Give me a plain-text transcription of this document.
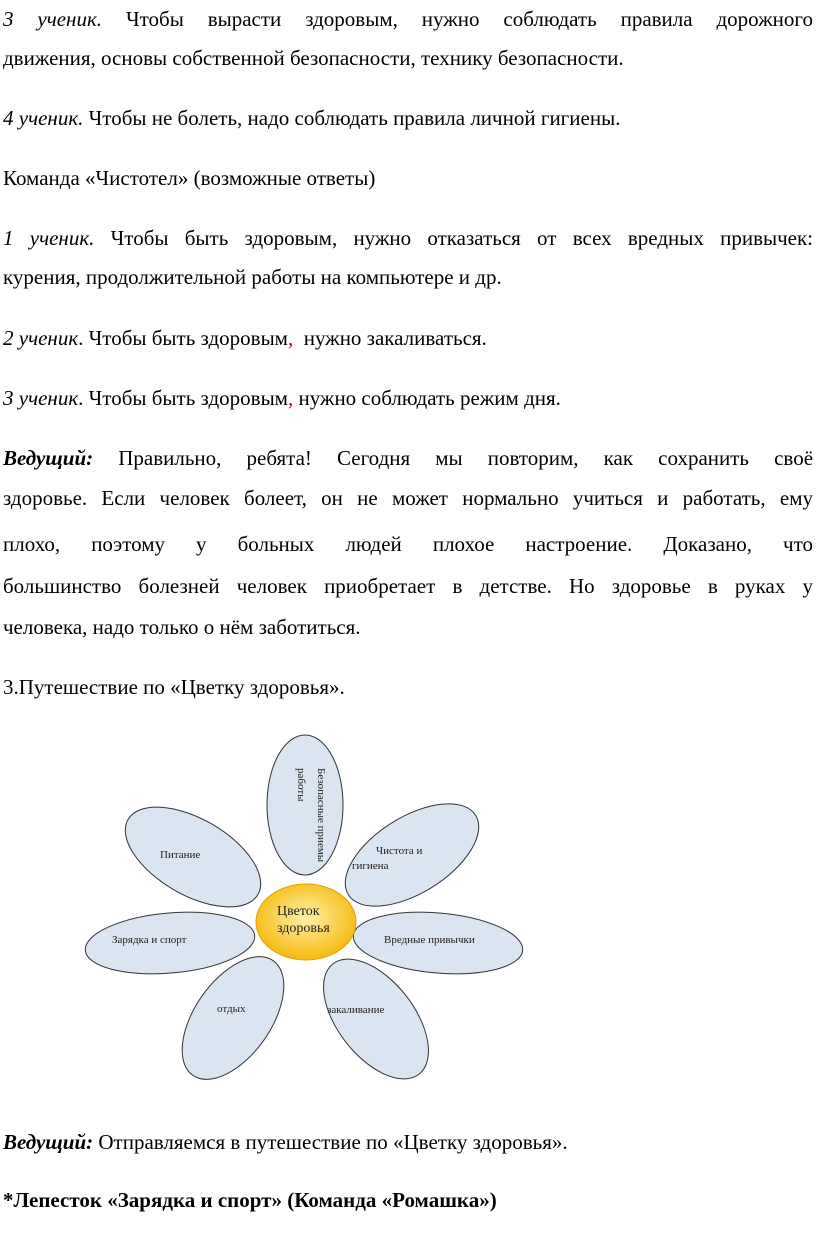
3 ученик. Чтобы вырасти здоровым, нужно соблюдать правила дорожного
движения, основы собственной безопасности, технику безопасности.
4 ученик. Чтобы не болеть, надо соблюдать правила личной гигиены.
Команда «Чистотел» (возможные ответы)
1 ученик. Чтобы быть здоровым, нужно отказаться от всех вредных привычек:
курения, продолжительной работы на компьютере и др.
2 ученик. Чтобы быть здоровым,  нужно закаливаться.
3 ученик. Чтобы быть здоровым, нужно соблюдать режим дня.
Ведущий: Правильно, ребята! Сегодня мы повторим, как сохранить своё
здоровье. Если человек болеет, он не может нормально учиться и работать, ему
плохо, поэтому у больных людей плохое настроение. Доказано, что
большинство болезней человек приобретает в детстве. Но здоровье в руках у
человека, надо только о нём заботиться.
3.Путешествие по «Цветку здоровья».
Безопасные приемы
работы
Питание	Чистота и
гигиена
Зарядка и спорт	Вредные привычки
отдых	закаливание
Цветок
здоровья
Ведущий: Отправляемся в путешествие по «Цветку здоровья».
*Лепесток «Зарядка и спорт» (Команда «Ромашка»)
